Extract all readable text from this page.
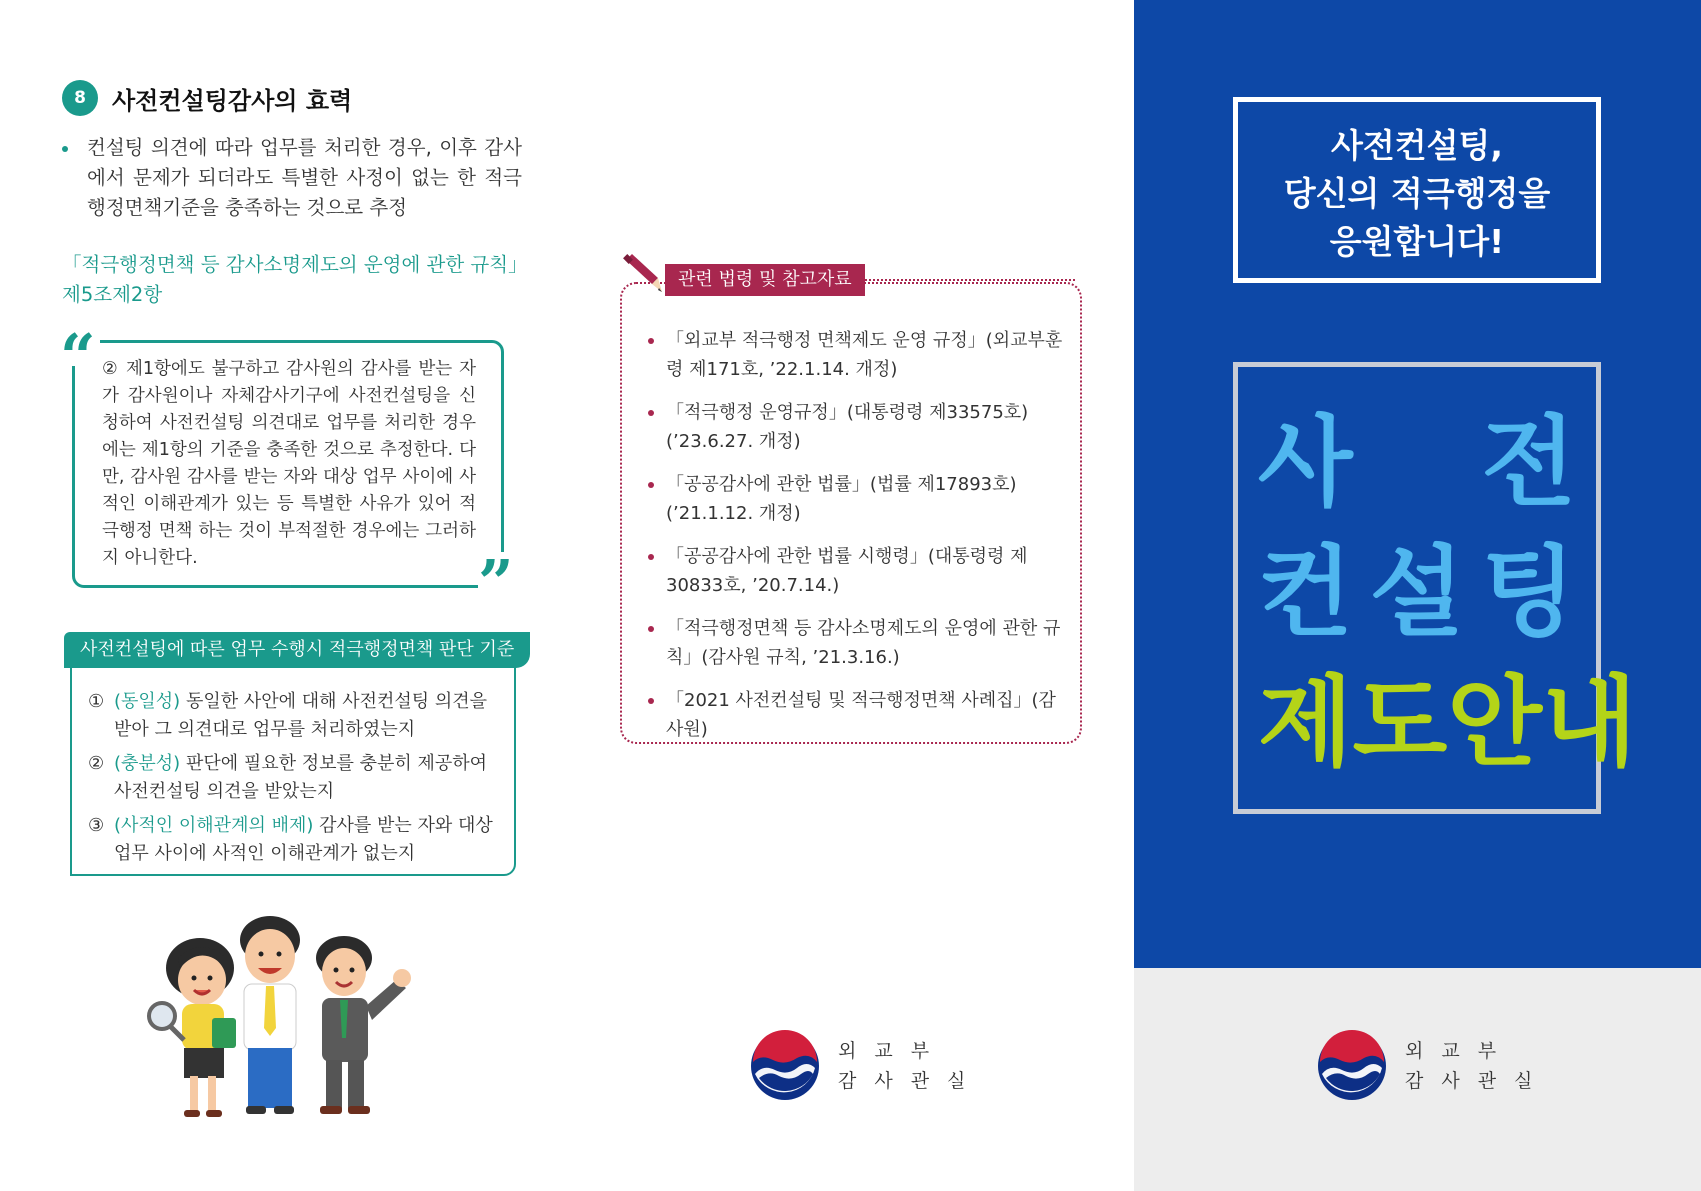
8	사전컨설팅감사의 효력
컨설팅 의견에 따라 업무를 처리한 경우, 이후 감사에서 문제가 되더라도 특별한 사정이 없는 한 적극행정면책기준을 충족하는 것으로 추정
「적극행정면책 등 감사소명제도의 운영에 관한 규칙」
제5조제2항
“
”
② 제1항에도 불구하고 감사원의 감사를 받는 자가 감사원이나 자체감사기구에 사전컨설팅을 신청하여 사전컨설팅 의견대로 업무를 처리한 경우에는 제1항의 기준을 충족한 것으로 추정한다. 다만, 감사원 감사를 받는 자와 대상 업무 사이에 사적인 이해관계가 있는 등 특별한 사유가 있어 적극행정 면책 하는 것이 부적절한 경우에는 그러하지 아니한다.
사전컨설팅에 따른 업무 수행시 적극행정면책 판단 기준
① (동일성) 동일한 사안에 대해 사전컨설팅 의견을 받아 그 의견대로 업무를 처리하였는지
② (충분성) 판단에 필요한 정보를 충분히 제공하여 사전컨설팅 의견을 받았는지
③ (사적인 이해관계의 배제) 감사를 받는 자와 대상 업무 사이에 사적인 이해관계가 없는지
관련 법령 및 참고자료
「외교부 적극행정 면책제도 운영 규정」(외교부훈령 제171호, ’22.1.14. 개정)
「적극행정 운영규정」(대통령령 제33575호)(’23.6.27. 개정)
「공공감사에 관한 법률」(법률 제17893호) (’21.1.12. 개정)
「공공감사에 관한 법률 시행령」(대통령령 제30833호, ’20.7.14.)
「적극행정면책 등 감사소명제도의 운영에 관한 규칙」(감사원 규칙, ’21.3.16.)
「2021 사전컨설팅 및 적극행정면책 사례집」(감사원)
외교부
감사관실
사전컨설팅,
당신의 적극행정을
응원합니다!
사 전
컨 설 팅
제 도 안 내
외교부
감사관실
